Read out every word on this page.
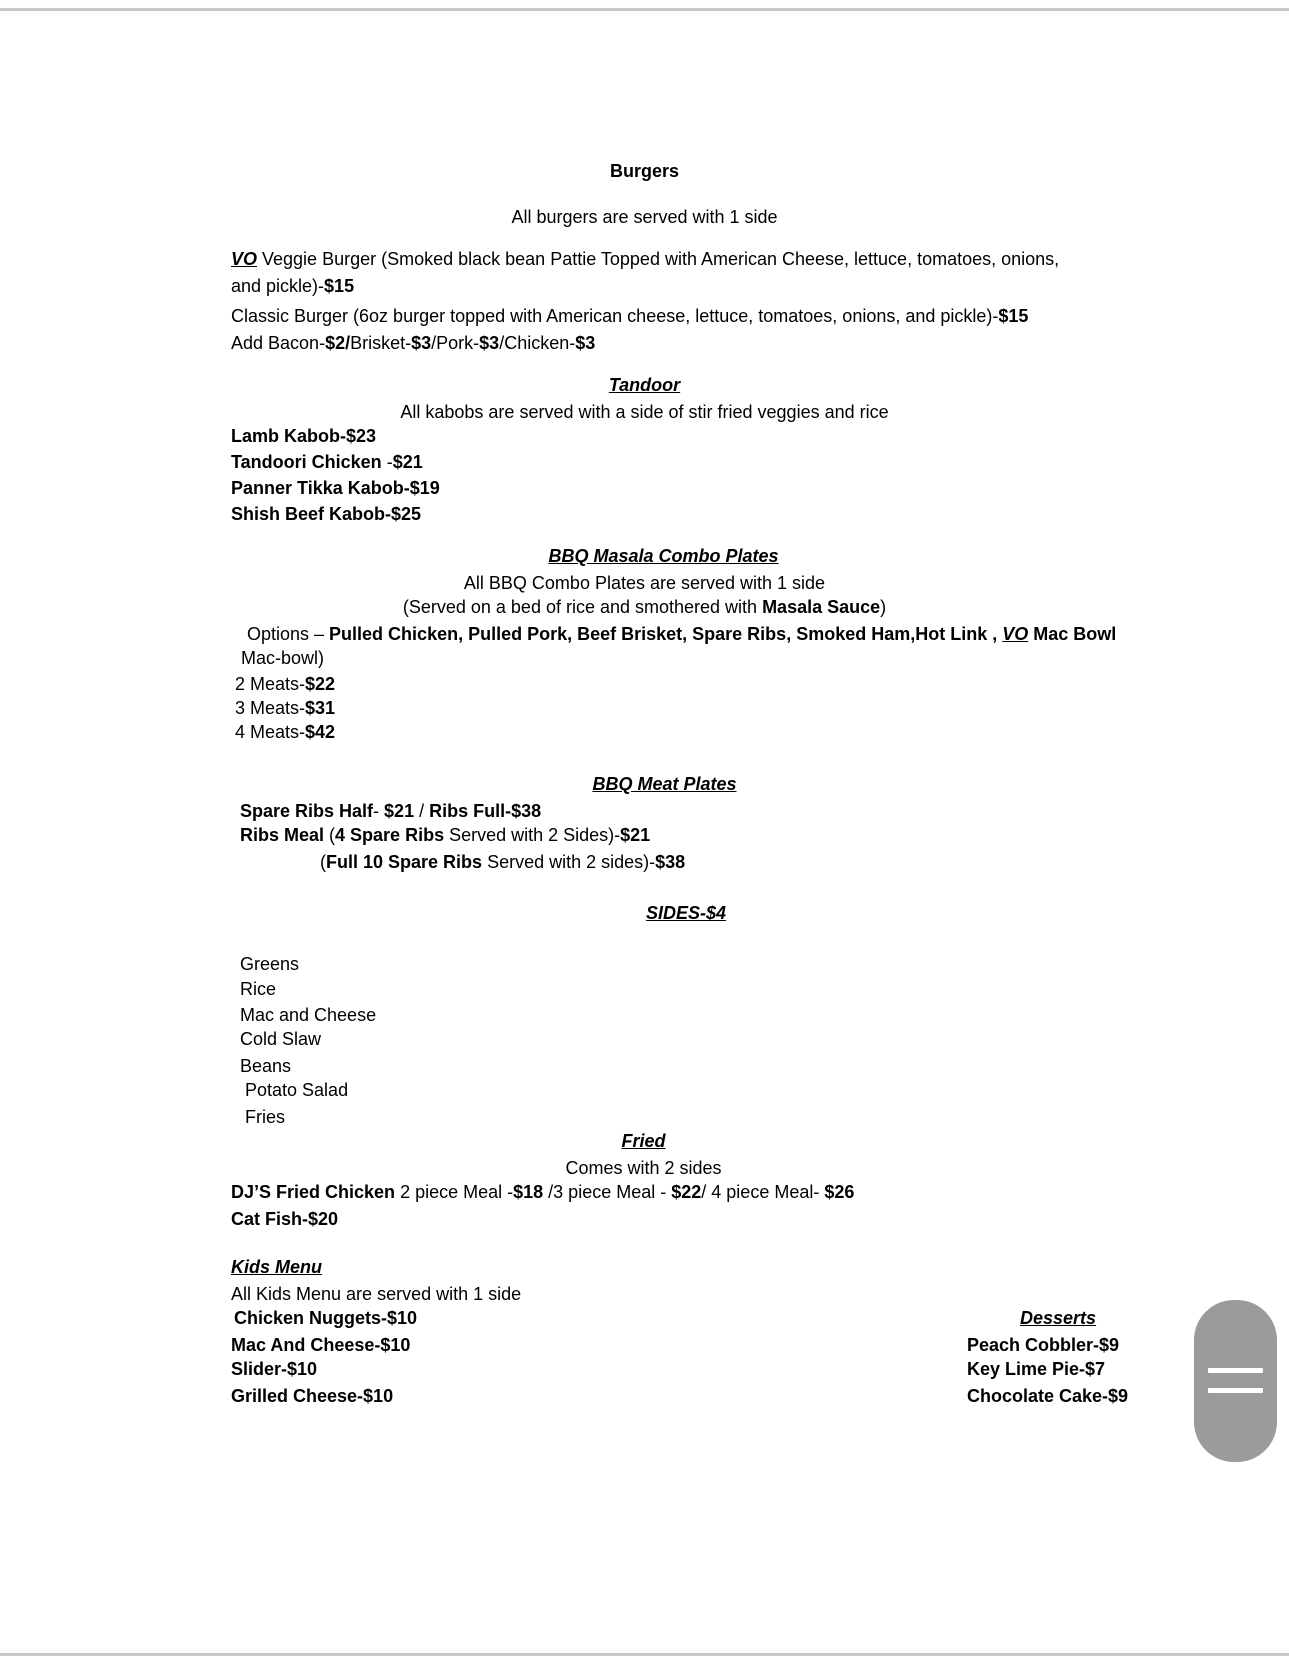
Burgers
All burgers are served with 1 side
VO Veggie Burger (Smoked black bean Pattie Topped with American Cheese, lettuce, tomatoes, onions,
and pickle)-$15
Classic Burger (6oz burger topped with American cheese, lettuce, tomatoes, onions, and pickle)-$15
Add Bacon-$2/Brisket-$3/Pork-$3/Chicken-$3
Tandoor
All kabobs are served with a side of stir fried veggies and rice
Lamb Kabob-$23
Tandoori Chicken -$21
Panner Tikka Kabob-$19
Shish Beef Kabob-$25
BBQ Masala Combo Plates
All BBQ Combo Plates are served with 1 side
(Served on a bed of rice and smothered with Masala Sauce)
Options – Pulled Chicken, Pulled Pork, Beef Brisket, Spare Ribs, Smoked Ham,Hot Link , VO Mac Bowl
Mac-bowl)
2 Meats-$22
3 Meats-$31
4 Meats-$42
BBQ Meat Plates
Spare Ribs Half- $21 / Ribs Full-$38
Ribs Meal (4 Spare Ribs Served with 2 Sides)-$21
(Full 10 Spare Ribs Served with 2 sides)-$38
SIDES-$4
Greens
Rice
Mac and Cheese
Cold Slaw
Beans
Potato Salad
Fries
Fried
Comes with 2 sides
DJ’S Fried Chicken 2 piece Meal -$18 /3 piece Meal - $22/ 4 piece Meal- $26
Cat Fish-$20
Kids Menu
All Kids Menu are served with 1 side
Chicken Nuggets-$10
Mac And Cheese-$10
Slider-$10
Grilled Cheese-$10
Desserts
Peach Cobbler-$9
Key Lime Pie-$7
Chocolate Cake-$9
